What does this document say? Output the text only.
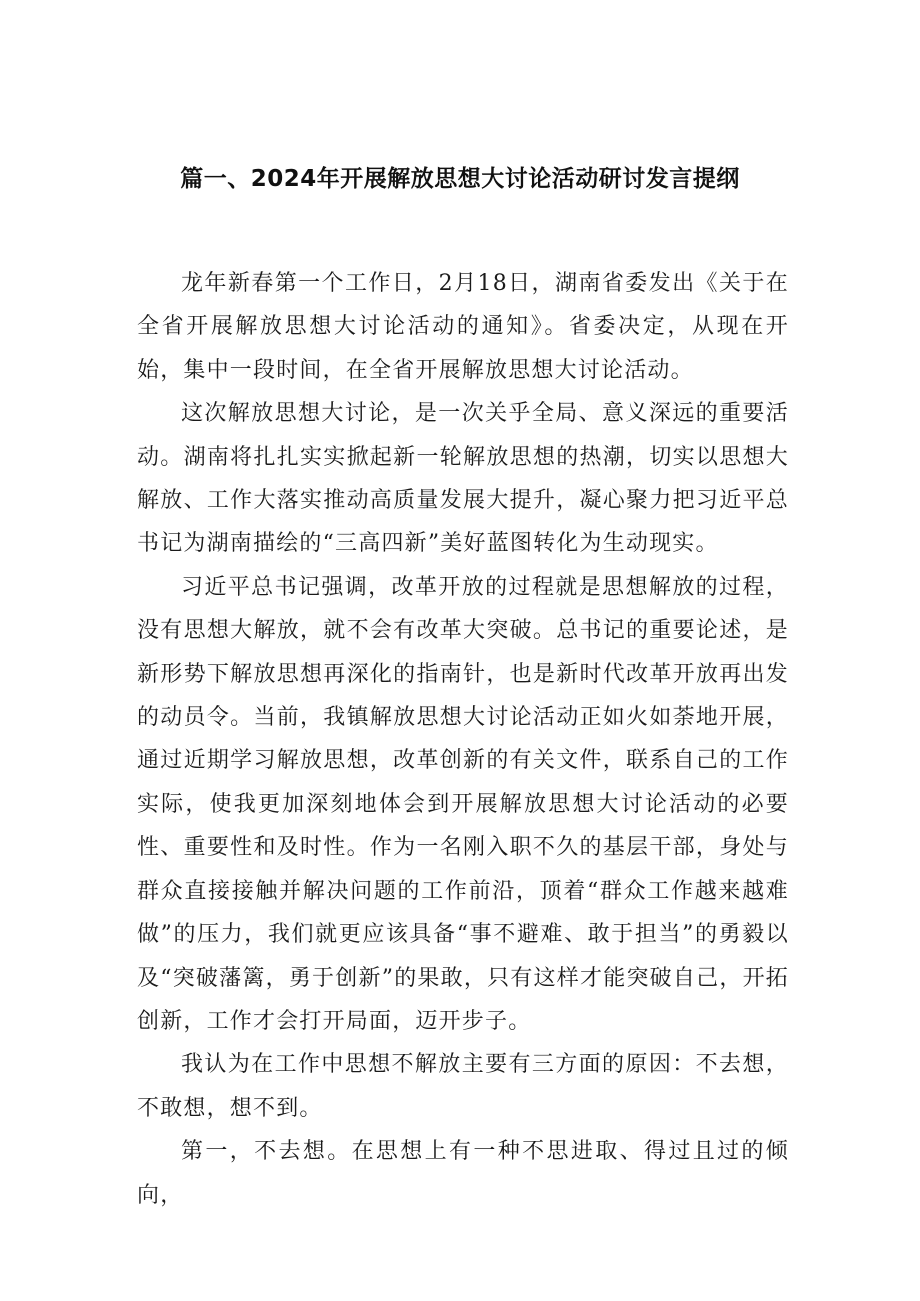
篇一、2024年开展解放思想大讨论活动研讨发言提纲

龙年新春第一个工作日，2月18日，湖南省委发出《关于在全省开展解放思想大讨论活动的通知》。省委决定，从现在开始，集中一段时间，在全省开展解放思想大讨论活动。

这次解放思想大讨论，是一次关乎全局、意义深远的重要活动。湖南将扎扎实实掀起新一轮解放思想的热潮，切实以思想大解放、工作大落实推动高质量发展大提升，凝心聚力把习近平总书记为湖南描绘的“三高四新”美好蓝图转化为生动现实。

习近平总书记强调，改革开放的过程就是思想解放的过程，没有思想大解放，就不会有改革大突破。总书记的重要论述，是新形势下解放思想再深化的指南针，也是新时代改革开放再出发的动员令。当前，我镇解放思想大讨论活动正如火如荼地开展，通过近期学习解放思想，改革创新的有关文件，联系自己的工作实际，使我更加深刻地体会到开展解放思想大讨论活动的必要性、重要性和及时性。作为一名刚入职不久的基层干部，身处与群众直接接触并解决问题的工作前沿，顶着“群众工作越来越难做”的压力，我们就更应该具备“事不避难、敢于担当”的勇毅以及“突破藩篱，勇于创新”的果敢，只有这样才能突破自己，开拓创新，工作才会打开局面，迈开步子。

我认为在工作中思想不解放主要有三方面的原因：不去想，不敢想，想不到。

第一，不去想。在思想上有一种不思进取、得过且过的倾向，
